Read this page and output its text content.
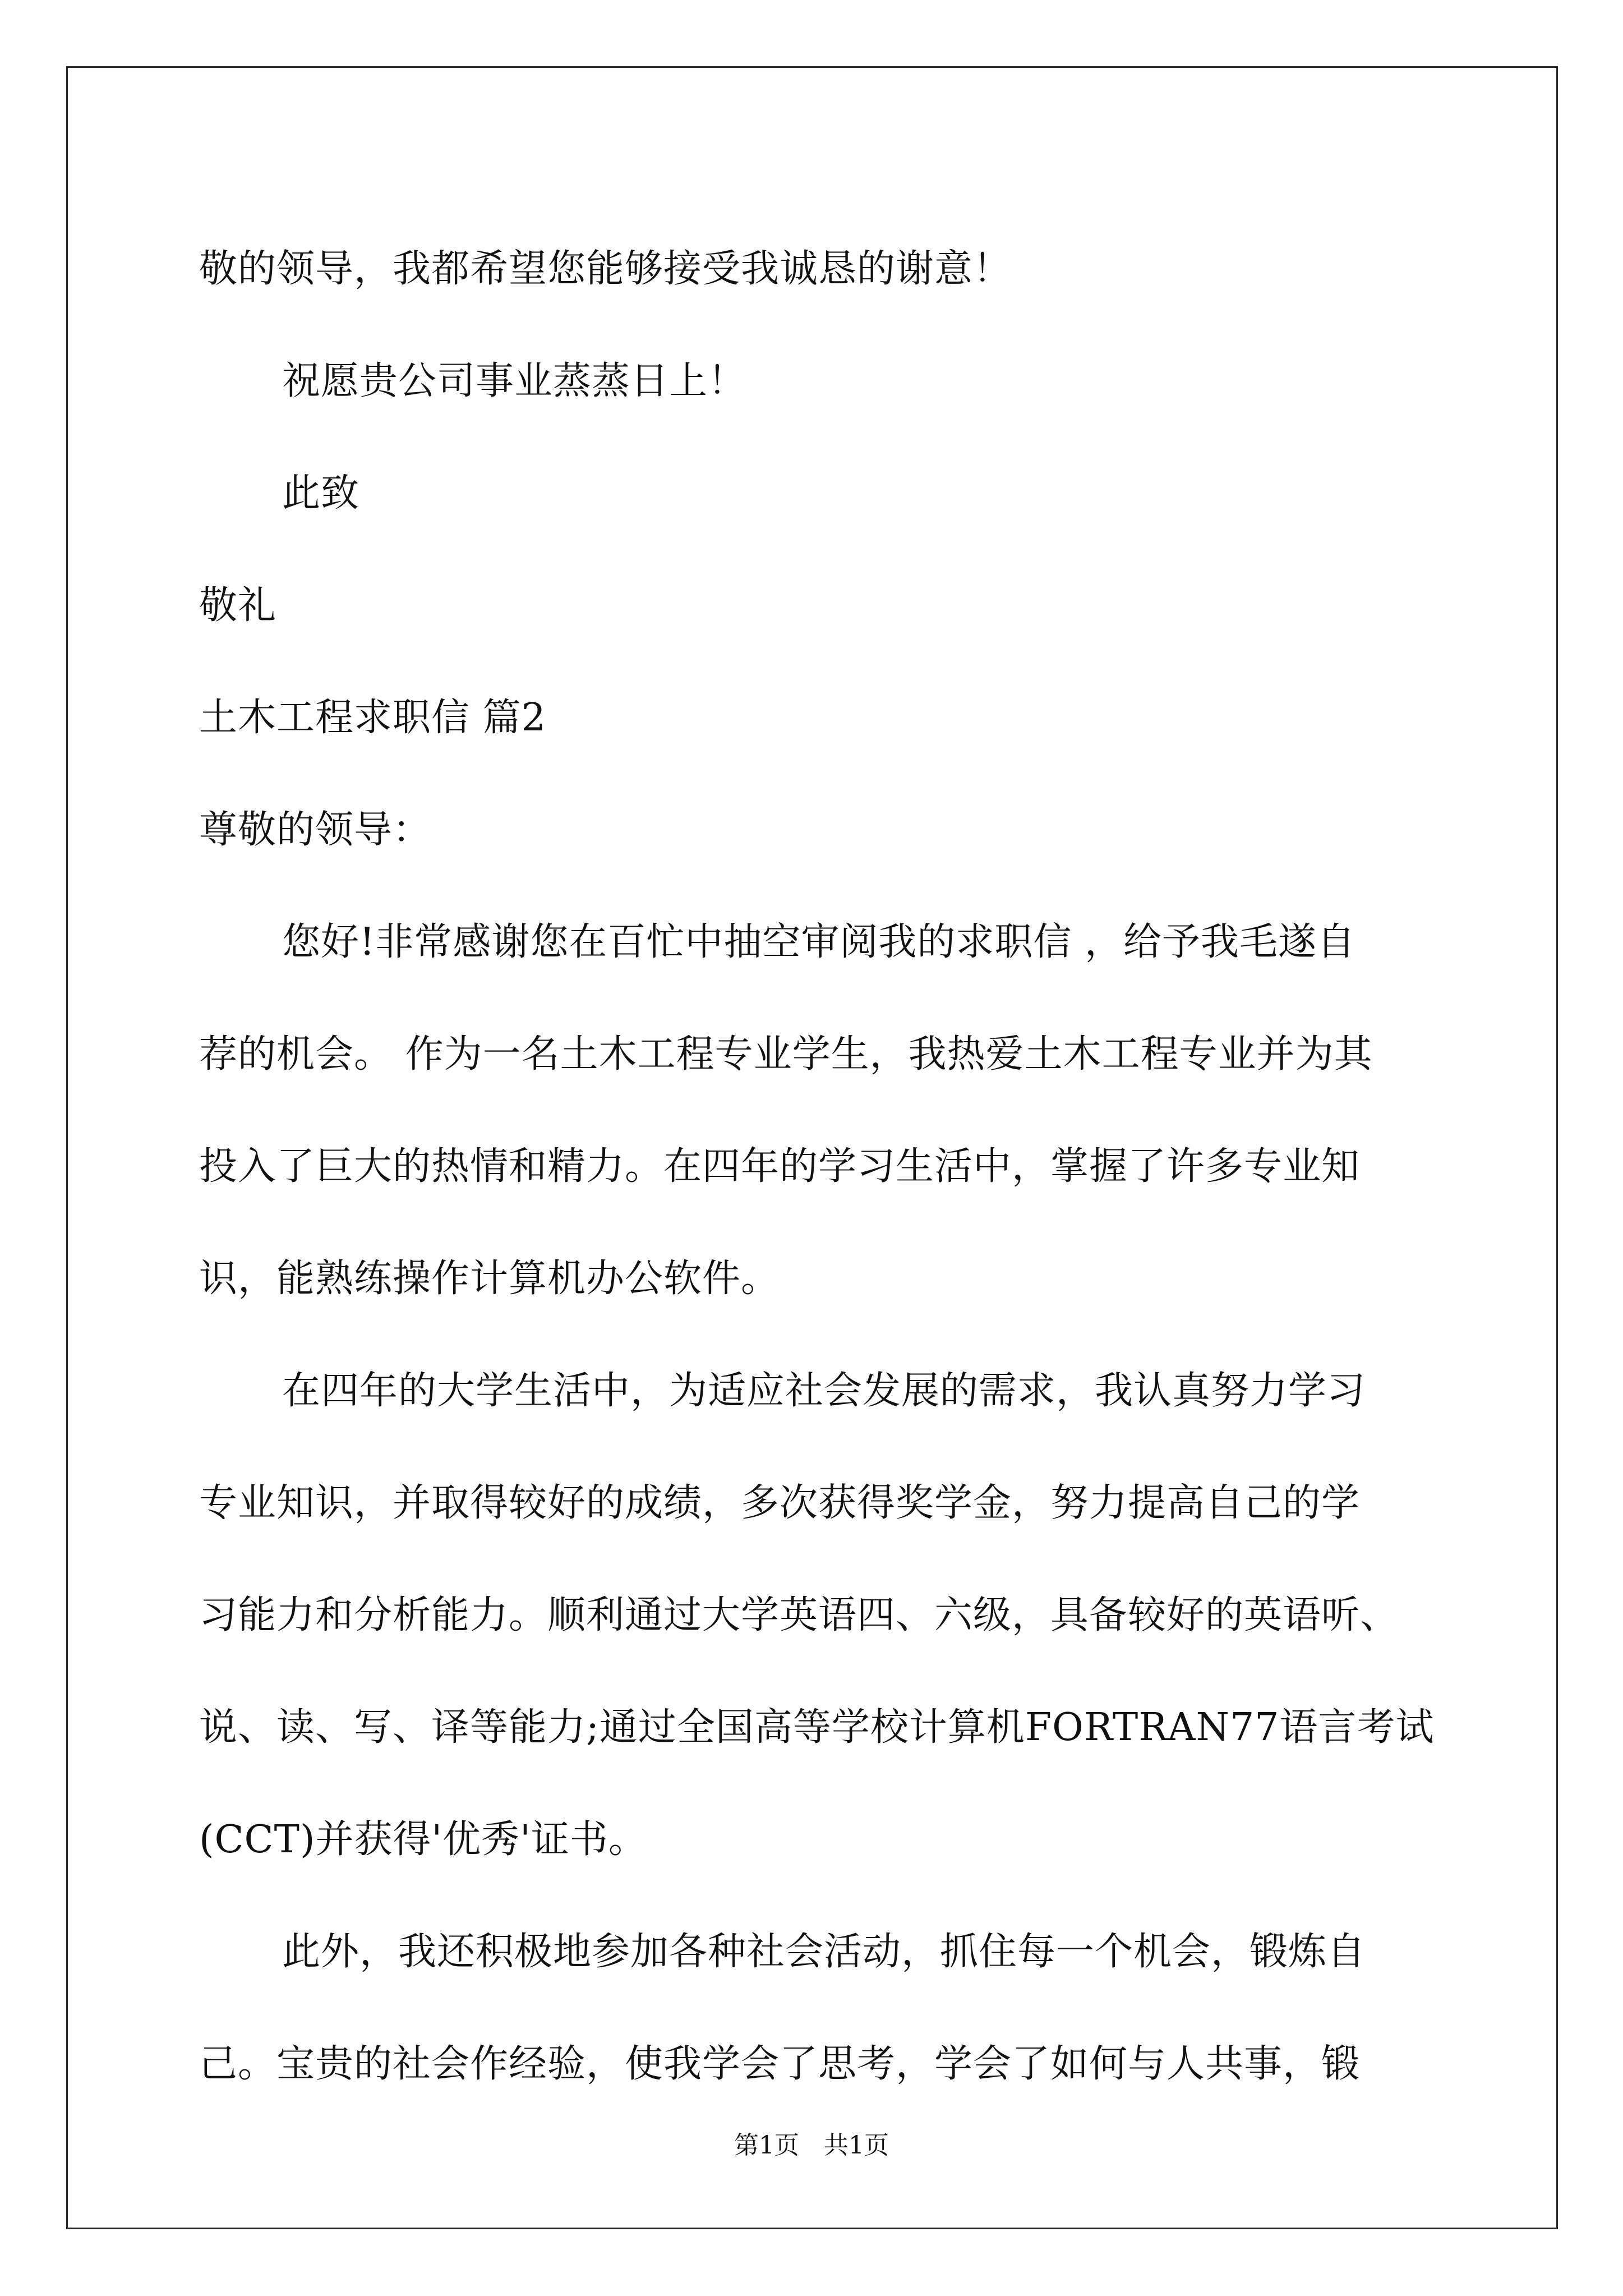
敬的领导，我都希望您能够接受我诚恳的谢意！
祝愿贵公司事业蒸蒸日上！
此致
敬礼
土木工程求职信 篇2
尊敬的领导：
您好!非常感谢您在百忙中抽空审阅我的求职信 ，给予我毛遂自
荐的机会。 作为一名土木工程专业学生，我热爱土木工程专业并为其
投入了巨大的热情和精力。在四年的学习生活中，掌握了许多专业知
识，能熟练操作计算机办公软件。
在四年的大学生活中，为适应社会发展的需求，我认真努力学习
专业知识，并取得较好的成绩，多次获得奖学金，努力提高自己的学
习能力和分析能力。顺利通过大学英语四、六级，具备较好的英语听、
说、读、写、译等能力;通过全国高等学校计算机FORTRAN77语言考试
(CCT)并获得'优秀'证书。
此外，我还积极地参加各种社会活动，抓住每一个机会，锻炼自
己。宝贵的社会作经验，使我学会了思考，学会了如何与人共事，锻
第1页　共1页
